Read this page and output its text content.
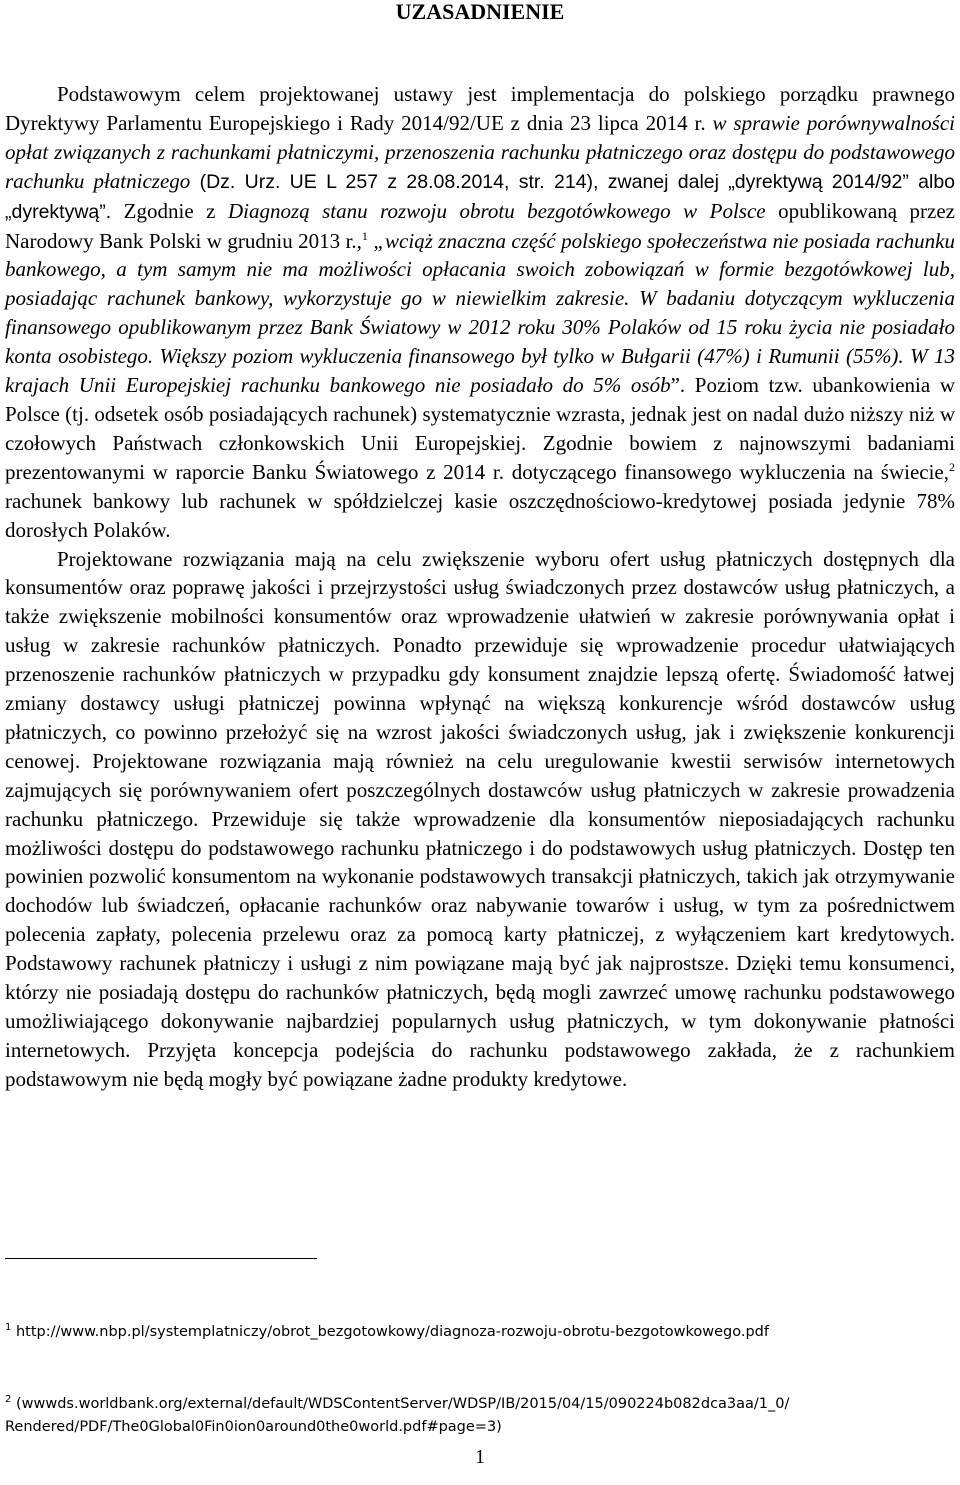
UZASADNIENIE

Podstawowym celem projektowanej ustawy jest implementacja do polskiego porządku prawnego Dyrektywy Parlamentu Europejskiego i Rady 2014/92/UE z dnia 23 lipca 2014 r. w sprawie porównywalności opłat związanych z rachunkami płatniczymi, przenoszenia rachunku płatniczego oraz dostępu do podstawowego rachunku płatniczego (Dz. Urz. UE L 257 z 28.08.2014, str. 214), zwanej dalej „dyrektywą 2014/92” albo „dyrektywą”. Zgodnie z Diagnozą stanu rozwoju obrotu bezgotówkowego w Polsce opublikowaną przez Narodowy Bank Polski w grudniu 2013 r.,$^1$ „wciąż znaczna część polskiego społeczeństwa nie posiada rachunku bankowego, a tym samym nie ma możliwości opłacania swoich zobowiązań w formie bezgotówkowej lub, posiadając rachunek bankowy, wykorzystuje go w niewielkim zakresie. W badaniu dotyczącym wykluczenia finansowego opublikowanym przez Bank Światowy w 2012 roku 30% Polaków od 15 roku życia nie posiadało konta osobistego. Większy poziom wykluczenia finansowego był tylko w Bułgarii (47%) i Rumunii (55%). W 13 krajach Unii Europejskiej rachunku bankowego nie posiadało do 5% osób”. Poziom tzw. ubankowienia w Polsce (tj. odsetek osób posiadających rachunek) systematycznie wzrasta, jednak jest on nadal dużo niższy niż w czołowych Państwach członkowskich Unii Europejskiej. Zgodnie bowiem z najnowszymi badaniami prezentowanymi w raporcie Banku Światowego z 2014 r. dotyczącego finansowego wykluczenia na świecie,$^2$ rachunek bankowy lub rachunek w spółdzielczej kasie oszczędnościowo-kredytowej posiada jedynie 78% dorosłych Polaków.

Projektowane rozwiązania mają na celu zwiększenie wyboru ofert usług płatniczych dostępnych dla konsumentów oraz poprawę jakości i przejrzystości usług świadczonych przez dostawców usług płatniczych, a także zwiększenie mobilności konsumentów oraz wprowadzenie ułatwień w zakresie porównywania opłat i usług w zakresie rachunków płatniczych. Ponadto przewiduje się wprowadzenie procedur ułatwiających przenoszenie rachunków płatniczych w przypadku gdy konsument znajdzie lepszą ofertę. Świadomość łatwej zmiany dostawcy usługi płatniczej powinna wpłynąć na większą konkurencje wśród dostawców usług płatniczych, co powinno przełożyć się na wzrost jakości świadczonych usług, jak i zwiększenie konkurencji cenowej. Projektowane rozwiązania mają również na celu uregulowanie kwestii serwisów internetowych zajmujących się porównywaniem ofert poszczególnych dostawców usług płatniczych w zakresie prowadzenia rachunku płatniczego. Przewiduje się także wprowadzenie dla konsumentów nieposiadających rachunku możliwości dostępu do podstawowego rachunku płatniczego i do podstawowych usług płatniczych. Dostęp ten powinien pozwolić konsumentom na wykonanie podstawowych transakcji płatniczych, takich jak otrzymywanie dochodów lub świadczeń, opłacanie rachunków oraz nabywanie towarów i usług, w tym za pośrednictwem polecenia zapłaty, polecenia przelewu oraz za pomocą karty płatniczej, z wyłączeniem kart kredytowych. Podstawowy rachunek płatniczy i usługi z nim powiązane mają być jak najprostsze. Dzięki temu konsumenci, którzy nie posiadają dostępu do rachunków płatniczych, będą mogli zawrzeć umowę rachunku podstawowego umożliwiającego dokonywanie najbardziej popularnych usług płatniczych, w tym dokonywanie płatności internetowych. Przyjęta koncepcja podejścia do rachunku podstawowego zakłada, że z rachunkiem podstawowym nie będą mogły być powiązane żadne produkty kredytowe.

$^1$ http://www.nbp.pl/systemplatniczy/obrot_bezgotowkowy/diagnoza-rozwoju-obrotu-bezgotowkowego.pdf

$^2$ (wwwds.worldbank.org/external/default/WDSContentServer/WDSP/IB/2015/04/15/090224b082dca3aa/1_0/
Rendered/PDF/The0Global0Fin0ion0around0the0world.pdf#page=3)

1
